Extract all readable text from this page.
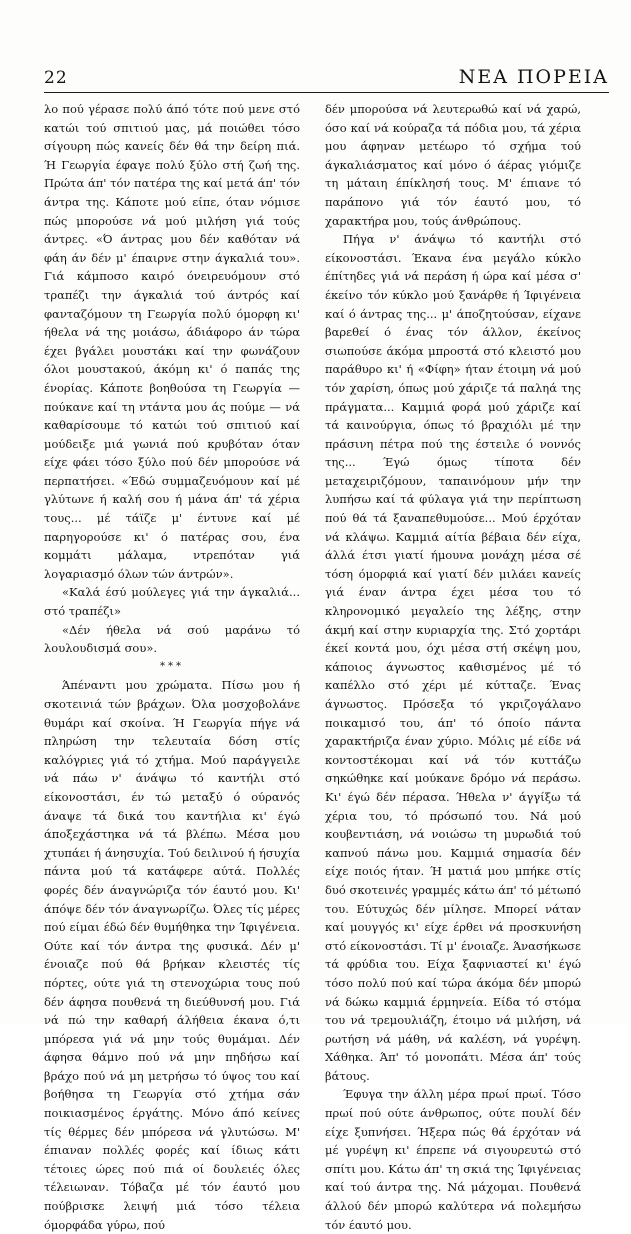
22	ΝΕΑ ΠΟΡΕΙΑ

λο πού γέρασε πολύ άπό τότε πού μενε στό κατώι τού σπιτιού μας, μά ποιώθει τόσο σίγουρη πώς κανείς δέν θά την δείρη πιά. Ή Γεωργία έφαγε πολύ ξύλο στή ζωή της. Πρώτα άπ' τόν πατέρα της καί μετά άπ' τόν άντρα της. Κάποτε μού είπε, όταν νόμισε πώς μπορούσε νά μού μιλήση γιά τούς άντρες. «Ό άντρας μου δέν καθόταν νά φάη άν δέν μ' έπαιρνε στην άγκαλιά του». Γιά κάμποσο καιρό όνειρευόμουν στό τραπέζι την άγκαλιά τού άντρός καί φανταζόμουν τη Γεωργία πολύ όμορφη κι' ήθελα νά της μοιάσω, άδιάφορο άν τώρα έχει βγάλει μουστάκι καί την φωνάζουν όλοι μουστακού, άκόμη κι' ό παπάς της ένορίας. Κάποτε βοηθούσα τη Γεωργία — πούκανε καί τη ντάντα μου άς πούμε — νά καθαρίσουμε τό κατώι τού σπιτιού καί μούδειξε μιά γωνιά πού κρυβόταν όταν είχε φάει τόσο ξύλο πού δέν μπορούσε νά περπατήσει. «Έδώ συμμαζευόμουν καί μέ γλύτωνε ή καλή σου ή μάνα άπ' τά χέρια τους... μέ τάϊζε μ' έντυνε καί μέ παρηγορούσε κι' ό πατέρας σου, ένα κομμάτι μάλαμα, ντρεπόταν γιά λογαριασμό όλων τών άντρών».

«Καλά έσύ μούλεγες γιά την άγκαλιά... στό τραπέζι»

«Δέν ήθελα νά σού μαράνω τό λουλουδισμά σου».

***

Άπέναντι μου χρώματα. Πίσω μου ή σκοτεινιά τών βράχων. Όλα μοσχοβολάνε θυμάρι καί σκοίνα. Ή Γεωργία πήγε νά πληρώση την τελευταία δόση στίς καλόγριες γιά τό χτήμα. Μού παράγγειλε νά πάω ν' άνάψω τό καντήλι στό είκονοστάσι, έν τώ μεταξύ ό ούρανός άναψε τά δικά του καντήλια κι' έγώ άποξεχάστηκα νά τά βλέπω. Μέσα μου χτυπάει ή άνησυχία. Τού δειλινού ή ήσυχία πάντα μού τά κατάφερε αύτά. Πολλές φορές δέν άναγνώριζα τόν έαυτό μου. Κι' άπόψε δέν τόν άναγνωρίζω. Όλες τίς μέρες πού είμαι έδώ δέν θυμήθηκα την Ίφιγένεια. Ούτε καί τόν άντρα της φυσικά. Δέν μ' ένοιαζε πού θά βρήκαν κλειστές τίς πόρτες, ούτε γιά τη στενοχώρια τους πού δέν άφησα πουθενά τη διεύθυνσή μου. Γιά νά πώ την καθαρή άλήθεια έκανα ό,τι μπόρεσα γιά νά μην τούς θυμάμαι. Δέν άφησα θάμνο πού νά μην πηδήσω καί βράχο πού νά μη μετρήσω τό ύψος του καί βοήθησα τη Γεωργία στό χτήμα σάν ποικιασμένος έργάτης. Μόνο άπό κείνες τίς θέρμες δέν μπόρεσα νά γλυτώσω. Μ' έπιαναν πολλές φορές καί ίδιως κάτι τέτοιες ώρες πού πιά οί δουλειές όλες τέλειωναν. Τόβαζα μέ τόν έαυτό μου πούβρισκε λειψή μιά τόσο τέλεια όμορφάδα γύρω, πού

δέν μπορούσα νά λευτερωθώ καί νά χαρώ, όσο καί νά κούραζα τά πόδια μου, τά χέρια μου άφηναν μετέωρο τό σχήμα τού άγκαλιάσματος καί μόνο ό άέρας γιόμιζε τη μάταιη έπίκλησή τους. Μ' έπιανε τό παράπονο γιά τόν έαυτό μου, τό χαρακτήρα μου, τούς άνθρώπους.

Πήγα ν' άνάψω τό καντήλι στό είκονοστάσι. Έκανα ένα μεγάλο κύκλο έπίτηδες γιά νά περάση ή ώρα καί μέσα σ' έκείνο τόν κύκλο μού ξανάρθε ή Ίφιγένεια καί ό άντρας της... μ' άποζητούσαν, είχανε βαρεθεί ό ένας τόν άλλον, έκείνος σιωπούσε άκόμα μπροστά στό κλειστό μου παράθυρο κι' ή «Φίφη» ήταν έτοιμη νά μού τόν χαρίση, όπως μού χάριζε τά παληά της πράγματα... Καμμιά φορά μού χάριζε καί τά καινούργια, όπως τό βραχιόλι μέ την πράσινη πέτρα πού της έστειλε ό νοννός της... Έγώ όμως τίποτα δέν μεταχειριζόμουν, ταπαινόμουν μήν την λυπήσω καί τά φύλαγα γιά την περίπτωση πού θά τά ξαναπεθυμούσε... Μού έρχόταν νά κλάψω. Καμμιά αίτία βέβαια δέν είχα, άλλά έτσι γιατί ήμουνα μονάχη μέσα σέ τόση όμορφιά καί γιατί δέν μιλάει κανείς γιά έναν άντρα έχει μέσα του τό κληρονομικό μεγαλείο της λέξης, στην άκμή καί στην κυριαρχία της. Στό χορτάρι έκεί κοντά μου, όχι μέσα στή σκέψη μου, κάποιος άγνωστος καθισμένος μέ τό καπέλλο στό χέρι μέ κύτταζε. Ένας άγνωστος. Πρόσεξα τό γκριζογάλανο ποικαμισό του, άπ' τό όποίο πάντα χαρακτήριζα έναν χύριο. Μόλις μέ είδε νά κοντοστέκομαι καί νά τόν κυττάζω σηκώθηκε καί μούκανε δρόμο νά περάσω. Κι' έγώ δέν πέρασα. Ήθελα ν' άγγίξω τά χέρια του, τό πρόσωπό του. Νά μού κουβεντιάση, νά νοιώσω τη μυρωδιά τού καπνού πάνω μου. Καμμιά σημασία δέν είχε ποιός ήταν. Ή ματιά μου μπήκε στίς δυό σκοτεινές γραμμές κάτω άπ' τό μέτωπό του. Εύτυχώς δέν μίλησε. Μπορεί νάταν καί μουγγός κι' είχε έρθει νά προσκυνήση στό είκονοστάσι. Τί μ' ένοιαζε. Άνασήκωσε τά φρύδια του. Είχα ξαφνιαστεί κι' έγώ τόσο πολύ πού καί τώρα άκόμα δέν μπορώ νά δώκω καμμιά έρμηνεία. Είδα τό στόμα του νά τρεμουλιάζη, έτοιμο νά μιλήση, νά ρωτήση νά μάθη, νά καλέση, νά γυρέψη. Χάθηκα. Άπ' τό μονοπάτι. Μέσα άπ' τούς βάτους.

Έφυγα την άλλη μέρα πρωί πρωί. Τόσο πρωί πού ούτε άνθρωπος, ούτε πουλί δέν είχε ξυπνήσει. Ήξερα πώς θά έρχόταν νά μέ γυρέψη κι' έπρεπε νά σιγουρευτώ στό σπίτι μου. Κάτω άπ' τη σκιά της Ίφιγένειας καί τού άντρα της. Νά μάχομαι. Πουθενά άλλού δέν μπορώ καλύτερα νά πολεμήσω τόν έαυτό μου.
